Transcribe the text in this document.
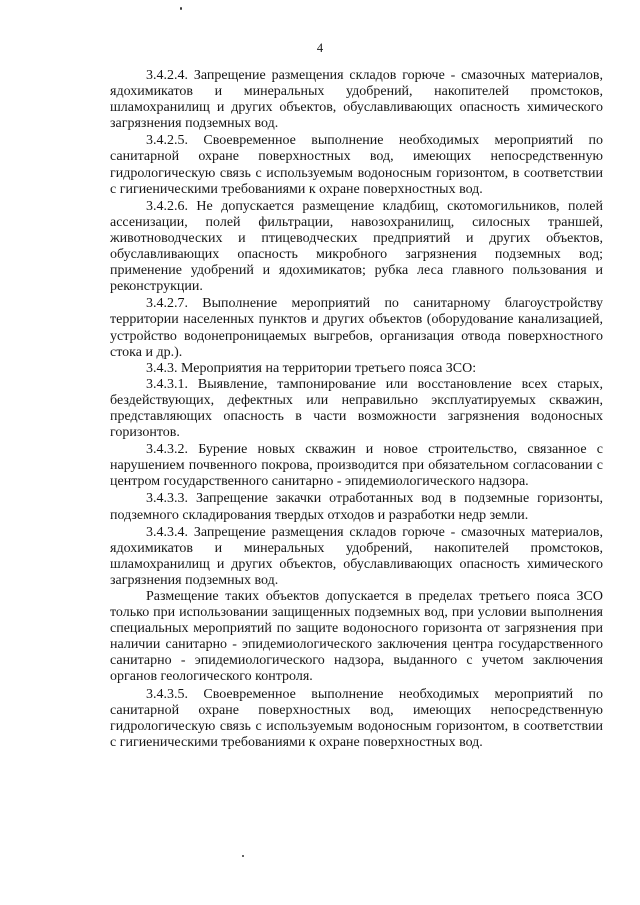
4

3.4.2.4. Запрещение размещения складов горюче - смазочных материалов, ядохимикатов и минеральных удобрений, накопителей промстоков, шламохранилищ и других объектов, обуславливающих опасность химического загрязнения подземных вод.

3.4.2.5. Своевременное выполнение необходимых мероприятий по санитарной охране поверхностных вод, имеющих непосредственную гидрологическую связь с используемым водоносным горизонтом, в соответствии с гигиеническими требованиями к охране поверхностных вод.

3.4.2.6. Не допускается размещение кладбищ, скотомогильников, полей ассенизации, полей фильтрации, навозохранилищ, силосных траншей, животноводческих и птицеводческих предприятий и других объектов, обуславливающих опасность микробного загрязнения подземных вод; применение удобрений и ядохимикатов; рубка леса главного пользования и реконструкции.

3.4.2.7. Выполнение мероприятий по санитарному благоустройству территории населенных пунктов и других объектов (оборудование канализацией, устройство водонепроницаемых выгребов, организация отвода поверхностного стока и др.).

3.4.3. Мероприятия на территории третьего пояса ЗСО:

3.4.3.1. Выявление, тампонирование или восстановление всех старых, бездействующих, дефектных или неправильно эксплуатируемых скважин, представляющих опасность в части возможности загрязнения водоносных горизонтов.

3.4.3.2. Бурение новых скважин и новое строительство, связанное с нарушением почвенного покрова, производится при обязательном согласовании с центром государственного санитарно - эпидемиологического надзора.

3.4.3.3. Запрещение закачки отработанных вод в подземные горизонты, подземного складирования твердых отходов и разработки недр земли.

3.4.3.4. Запрещение размещения складов горюче - смазочных материалов, ядохимикатов и минеральных удобрений, накопителей промстоков, шламохранилищ и других объектов, обуславливающих опасность химического загрязнения подземных вод.

Размещение таких объектов допускается в пределах третьего пояса ЗСО только при использовании защищенных подземных вод, при условии выполнения специальных мероприятий по защите водоносного горизонта от загрязнения при наличии санитарно - эпидемиологического заключения центра государственного санитарно - эпидемиологического надзора, выданного с учетом заключения органов геологического контроля.

3.4.3.5. Своевременное выполнение необходимых мероприятий по санитарной охране поверхностных вод, имеющих непосредственную гидрологическую связь с используемым водоносным горизонтом, в соответствии с гигиеническими требованиями к охране поверхностных вод.
